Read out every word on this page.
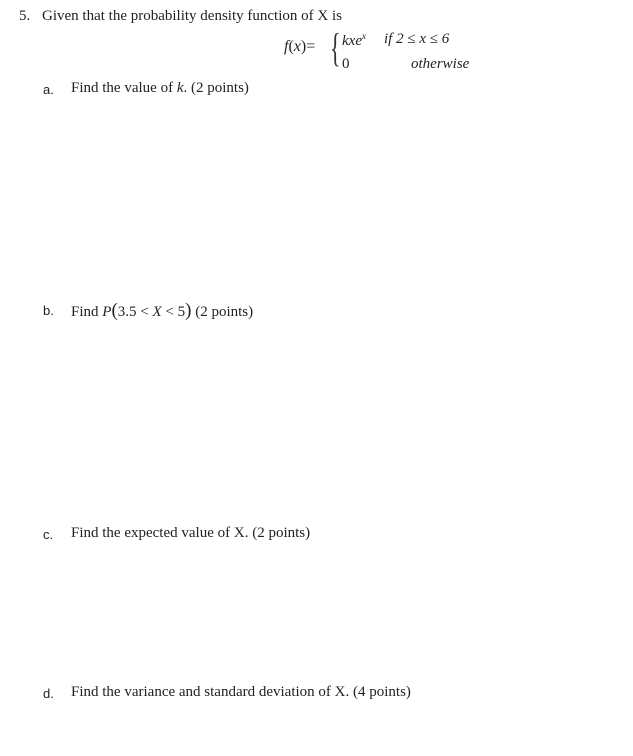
5. Given that the probability density function of X is
f(x)= { kxe$^x$ if 2 ≤ x ≤ 6
0	otherwise
a. Find the value of k. (2 points)
b. Find P(3.5 < X < 5) (2 points)
c. Find the expected value of X. (2 points)
d. Find the variance and standard deviation of X. (4 points)
